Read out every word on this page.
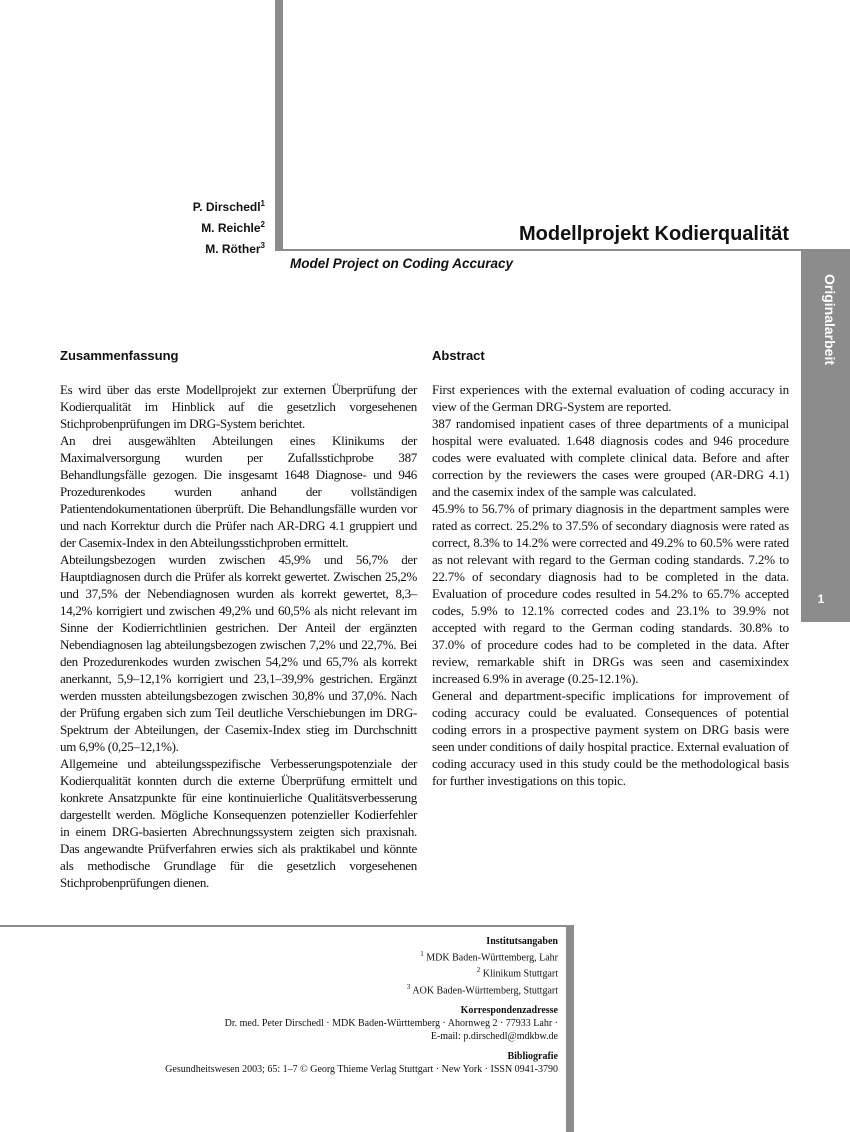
Originalarbeit
1
P. Dirschedl$^1$
M. Reichle$^2$
M. Röther$^3$
Modellprojekt Kodierqualität
Model Project on Coding Accuracy
Zusammenfassung

Es wird über das erste Modellprojekt zur externen Überprüfung der Kodierqualität im Hinblick auf die gesetzlich vorgesehenen Stichprobenprüfungen im DRG-System berichtet.

An drei ausgewählten Abteilungen eines Klinikums der Maximalversorgung wurden per Zufallsstichprobe 387 Behandlungsfälle gezogen. Die insgesamt 1648 Diagnose- und 946 Prozedurenkodes wurden anhand der vollständigen Patientendokumentationen überprüft. Die Behandlungsfälle wurden vor und nach Korrektur durch die Prüfer nach AR-DRG 4.1 gruppiert und der Casemix-Index in den Abteilungsstichproben ermittelt.

Abteilungsbezogen wurden zwischen 45,9% und 56,7% der Hauptdiagnosen durch die Prüfer als korrekt gewertet. Zwischen 25,2% und 37,5% der Nebendiagnosen wurden als korrekt gewertet, 8,3–14,2% korrigiert und zwischen 49,2% und 60,5% als nicht relevant im Sinne der Kodierrichtlinien gestrichen. Der Anteil der ergänzten Nebendiagnosen lag abteilungsbezogen zwischen 7,2% und 22,7%. Bei den Prozedurenkodes wurden zwischen 54,2% und 65,7% als korrekt anerkannt, 5,9–12,1% korrigiert und 23,1–39,9% gestrichen. Ergänzt werden mussten abteilungsbezogen zwischen 30,8% und 37,0%. Nach der Prüfung ergaben sich zum Teil deutliche Verschiebungen im DRG-Spektrum der Abteilungen, der Casemix-Index stieg im Durchschnitt um 6,9% (0,25–12,1%).

Allgemeine und abteilungsspezifische Verbesserungspotenziale der Kodierqualität konnten durch die externe Überprüfung ermittelt und konkrete Ansatzpunkte für eine kontinuierliche Qualitätsverbesserung dargestellt werden. Mögliche Konsequenzen potenzieller Kodierfehler in einem DRG-basierten Abrechnungssystem zeigten sich praxisnah. Das angewandte Prüfverfahren erwies sich als praktikabel und könnte als methodische Grundlage für die gesetzlich vorgesehenen Stichprobenprüfungen dienen.

Abstract

First experiences with the external evaluation of coding accuracy in view of the German DRG-System are reported.

387 randomised inpatient cases of three departments of a municipal hospital were evaluated. 1.648 diagnosis codes and 946 procedure codes were evaluated with complete clinical data. Before and after correction by the reviewers the cases were grouped (AR-DRG 4.1) and the casemix index of the sample was calculated.

45.9% to 56.7% of primary diagnosis in the department samples were rated as correct. 25.2% to 37.5% of secondary diagnosis were rated as correct, 8.3% to 14.2% were corrected and 49.2% to 60.5% were rated as not relevant with regard to the German coding standards. 7.2% to 22.7% of secondary diagnosis had to be completed in the data. Evaluation of procedure codes resulted in 54.2% to 65.7% accepted codes, 5.9% to 12.1% corrected codes and 23.1% to 39.9% not accepted with regard to the German coding standards. 30.8% to 37.0% of procedure codes had to be completed in the data. After review, remarkable shift in DRGs was seen and casemixindex increased 6.9% in average (0.25-12.1%).

General and department-specific implications for improvement of coding accuracy could be evaluated. Consequences of potential coding errors in a prospective payment system on DRG basis were seen under conditions of daily hospital practice. External evaluation of coding accuracy used in this study could be the methodological basis for further investigations on this topic.

Institutsangaben
$^1$ MDK Baden-Württemberg, Lahr
$^2$ Klinikum Stuttgart
$^3$ AOK Baden-Württemberg, Stuttgart
Korrespondenzadresse
Dr. med. Peter Dirschedl · MDK Baden-Württemberg · Ahornweg 2 · 77933 Lahr ·
E-mail: p.dirschedl@mdkbw.de
Bibliografie
Gesundheitswesen 2003; 65: 1–7 © Georg Thieme Verlag Stuttgart · New York · ISSN 0941-3790
